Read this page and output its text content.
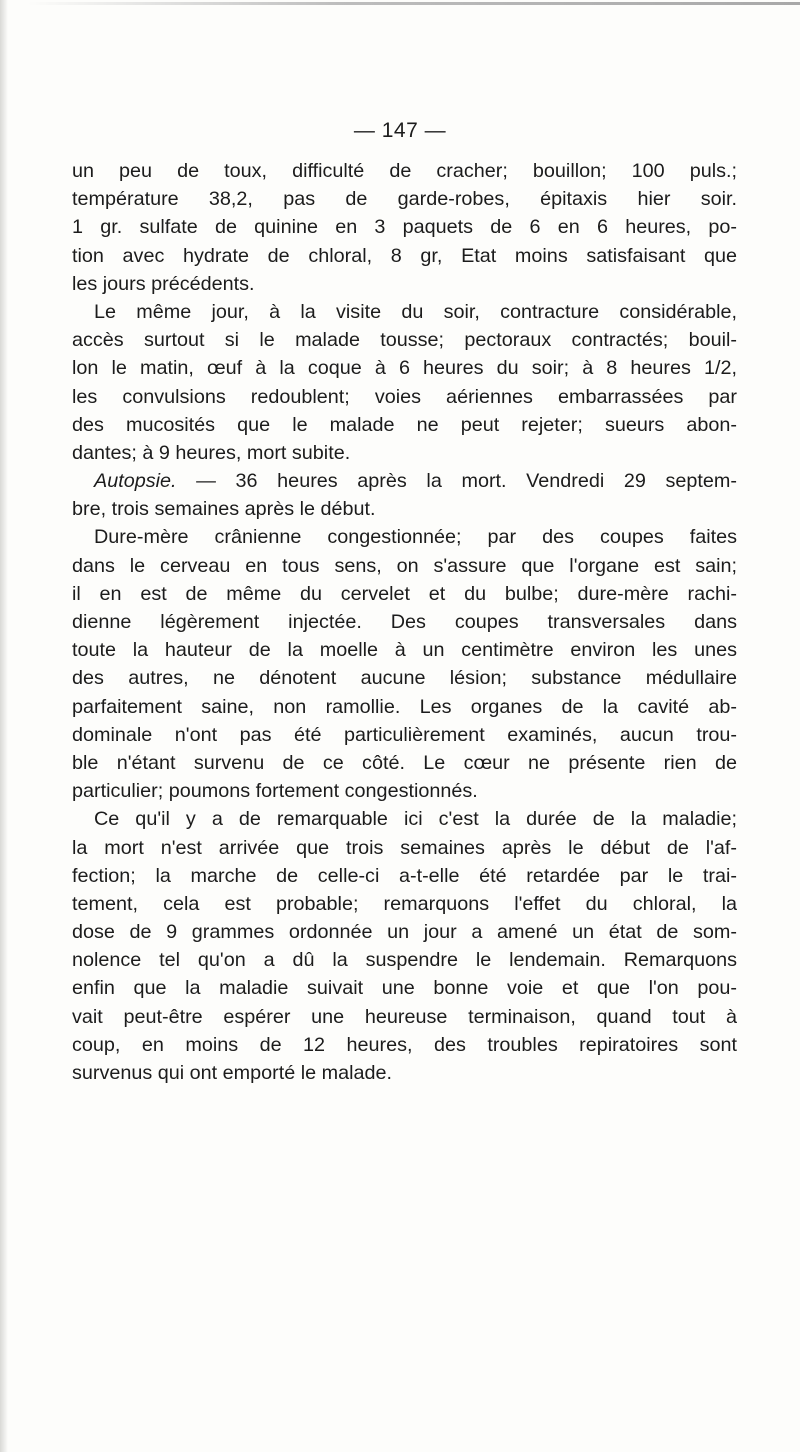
— 147 —
un peu de toux, difficulté de cracher; bouillon; 100 puls.;
température 38,2, pas de garde-robes, épitaxis hier soir.
1 gr. sulfate de quinine en 3 paquets de 6 en 6 heures, po-
tion avec hydrate de chloral, 8 gr, Etat moins satisfaisant que
les jours précédents.
Le même jour, à la visite du soir, contracture considérable,
accès surtout si le malade tousse; pectoraux contractés; bouil-
lon le matin, œuf à la coque à 6 heures du soir; à 8 heures 1/2,
les convulsions redoublent; voies aériennes embarrassées par
des mucosités que le malade ne peut rejeter; sueurs abon-
dantes; à 9 heures, mort subite.
Autopsie. — 36 heures après la mort. Vendredi 29 septem-
bre, trois semaines après le début.
Dure-mère crânienne congestionnée; par des coupes faites
dans le cerveau en tous sens, on s'assure que l'organe est sain;
il en est de même du cervelet et du bulbe; dure-mère rachi-
dienne légèrement injectée. Des coupes transversales dans
toute la hauteur de la moelle à un centimètre environ les unes
des autres, ne dénotent aucune lésion; substance médullaire
parfaitement saine, non ramollie. Les organes de la cavité ab-
dominale n'ont pas été particulièrement examinés, aucun trou-
ble n'étant survenu de ce côté. Le cœur ne présente rien de
particulier; poumons fortement congestionnés.
Ce qu'il y a de remarquable ici c'est la durée de la maladie;
la mort n'est arrivée que trois semaines après le début de l'af-
fection; la marche de celle-ci a-t-elle été retardée par le trai-
tement, cela est probable; remarquons l'effet du chloral, la
dose de 9 grammes ordonnée un jour a amené un état de som-
nolence tel qu'on a dû la suspendre le lendemain. Remarquons
enfin que la maladie suivait une bonne voie et que l'on pou-
vait peut-être espérer une heureuse terminaison, quand tout à
coup, en moins de 12 heures, des troubles repiratoires sont
survenus qui ont emporté le malade.
